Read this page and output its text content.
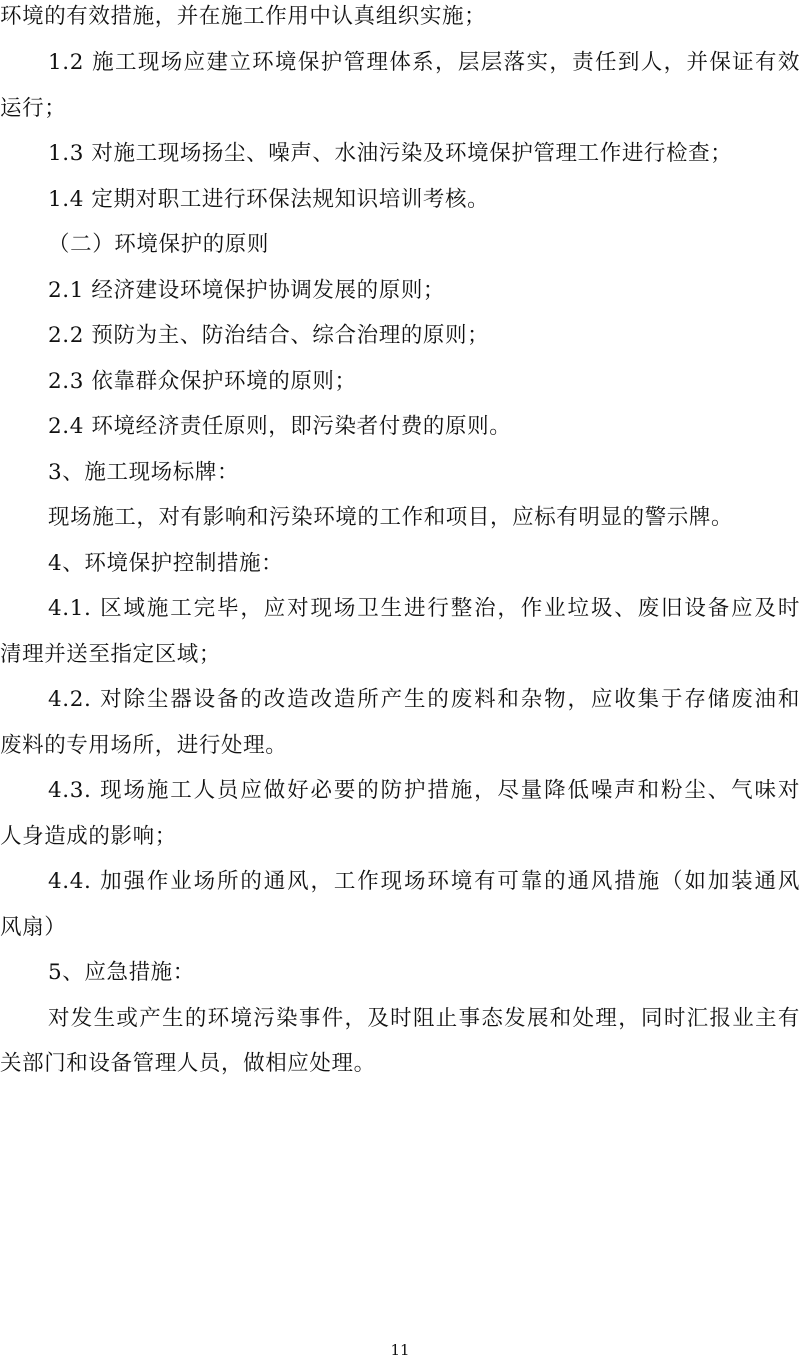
环境的有效措施，并在施工作用中认真组织实施；
1.2 施工现场应建立环境保护管理体系，层层落实，责任到人，并保证有效
运行；
1.3 对施工现场扬尘、噪声、水油污染及环境保护管理工作进行检查；
1.4 定期对职工进行环保法规知识培训考核。
（二）环境保护的原则
2.1 经济建设环境保护协调发展的原则；
2.2 预防为主、防治结合、综合治理的原则；
2.3 依靠群众保护环境的原则；
2.4 环境经济责任原则，即污染者付费的原则。
3、施工现场标牌：
现场施工，对有影响和污染环境的工作和项目，应标有明显的警示牌。
4、环境保护控制措施：
4.1. 区域施工完毕，应对现场卫生进行整治，作业垃圾、废旧设备应及时
清理并送至指定区域；
4.2. 对除尘器设备的改造改造所产生的废料和杂物，应收集于存储废油和
废料的专用场所，进行处理。
4.3. 现场施工人员应做好必要的防护措施，尽量降低噪声和粉尘、气味对
人身造成的影响；
4.4. 加强作业场所的通风，工作现场环境有可靠的通风措施（如加装通风
风扇）
5、应急措施：
对发生或产生的环境污染事件，及时阻止事态发展和处理，同时汇报业主有
关部门和设备管理人员，做相应处理。
11
